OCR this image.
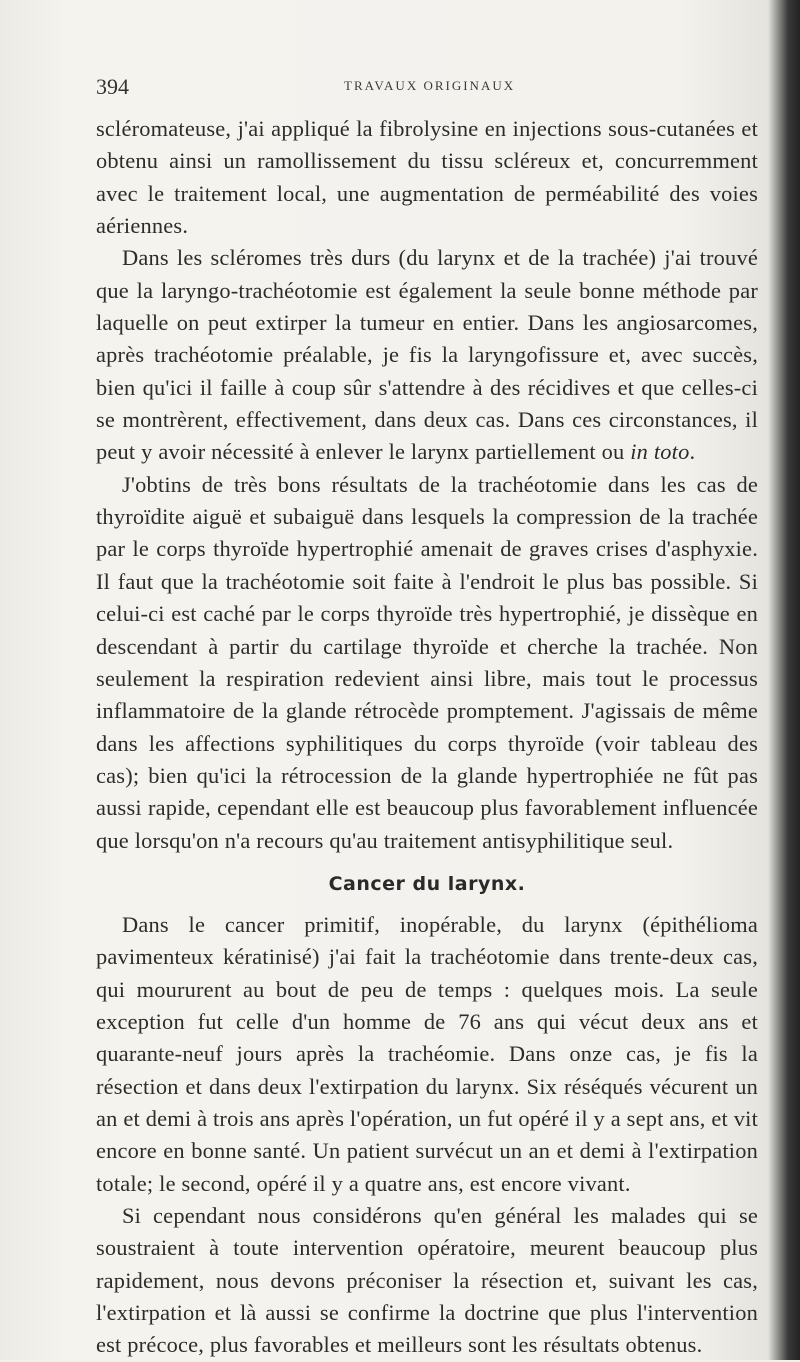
394	TRAVAUX ORIGINAUX

scléromateuse, j'ai appliqué la fibrolysine en injections sous-cutanées et obtenu ainsi un ramollissement du tissu scléreux et, concurremment avec le traitement local, une augmentation de perméabilité des voies aériennes.

Dans les scléromes très durs (du larynx et de la trachée) j'ai trouvé que la laryngo-trachéotomie est également la seule bonne méthode par laquelle on peut extirper la tumeur en entier. Dans les angiosarcomes, après trachéotomie préalable, je fis la laryngofissure et, avec succès, bien qu'ici il faille à coup sûr s'attendre à des récidives et que celles-ci se montrèrent, effectivement, dans deux cas. Dans ces circonstances, il peut y avoir nécessité à enlever le larynx partiellement ou in toto.

J'obtins de très bons résultats de la trachéotomie dans les cas de thyroïdite aiguë et subaiguë dans lesquels la compression de la trachée par le corps thyroïde hypertrophié amenait de graves crises d'asphyxie. Il faut que la trachéotomie soit faite à l'endroit le plus bas possible. Si celui-ci est caché par le corps thyroïde très hypertrophié, je dissèque en descendant à partir du cartilage thyroïde et cherche la trachée. Non seulement la respiration redevient ainsi libre, mais tout le processus inflammatoire de la glande rétrocède promptement. J'agissais de même dans les affections syphilitiques du corps thyroïde (voir tableau des cas); bien qu'ici la rétrocession de la glande hypertrophiée ne fût pas aussi rapide, cependant elle est beaucoup plus favorablement influencée que lorsqu'on n'a recours qu'au traitement antisyphilitique seul.

Cancer du larynx.

Dans le cancer primitif, inopérable, du larynx (épithélioma pavimenteux kératinisé) j'ai fait la trachéotomie dans trente-deux cas, qui moururent au bout de peu de temps : quelques mois. La seule exception fut celle d'un homme de 76 ans qui vécut deux ans et quarante-neuf jours après la trachéomie. Dans onze cas, je fis la résection et dans deux l'extirpation du larynx. Six réséqués vécurent un an et demi à trois ans après l'opération, un fut opéré il y a sept ans, et vit encore en bonne santé. Un patient survécut un an et demi à l'extirpation totale; le second, opéré il y a quatre ans, est encore vivant.

Si cependant nous considérons qu'en général les malades qui se soustraient à toute intervention opératoire, meurent beaucoup plus rapidement, nous devons préconiser la résection et, suivant les cas, l'extirpation et là aussi se confirme la doctrine que plus l'intervention est précoce, plus favorables et meilleurs sont les résultats obtenus.
